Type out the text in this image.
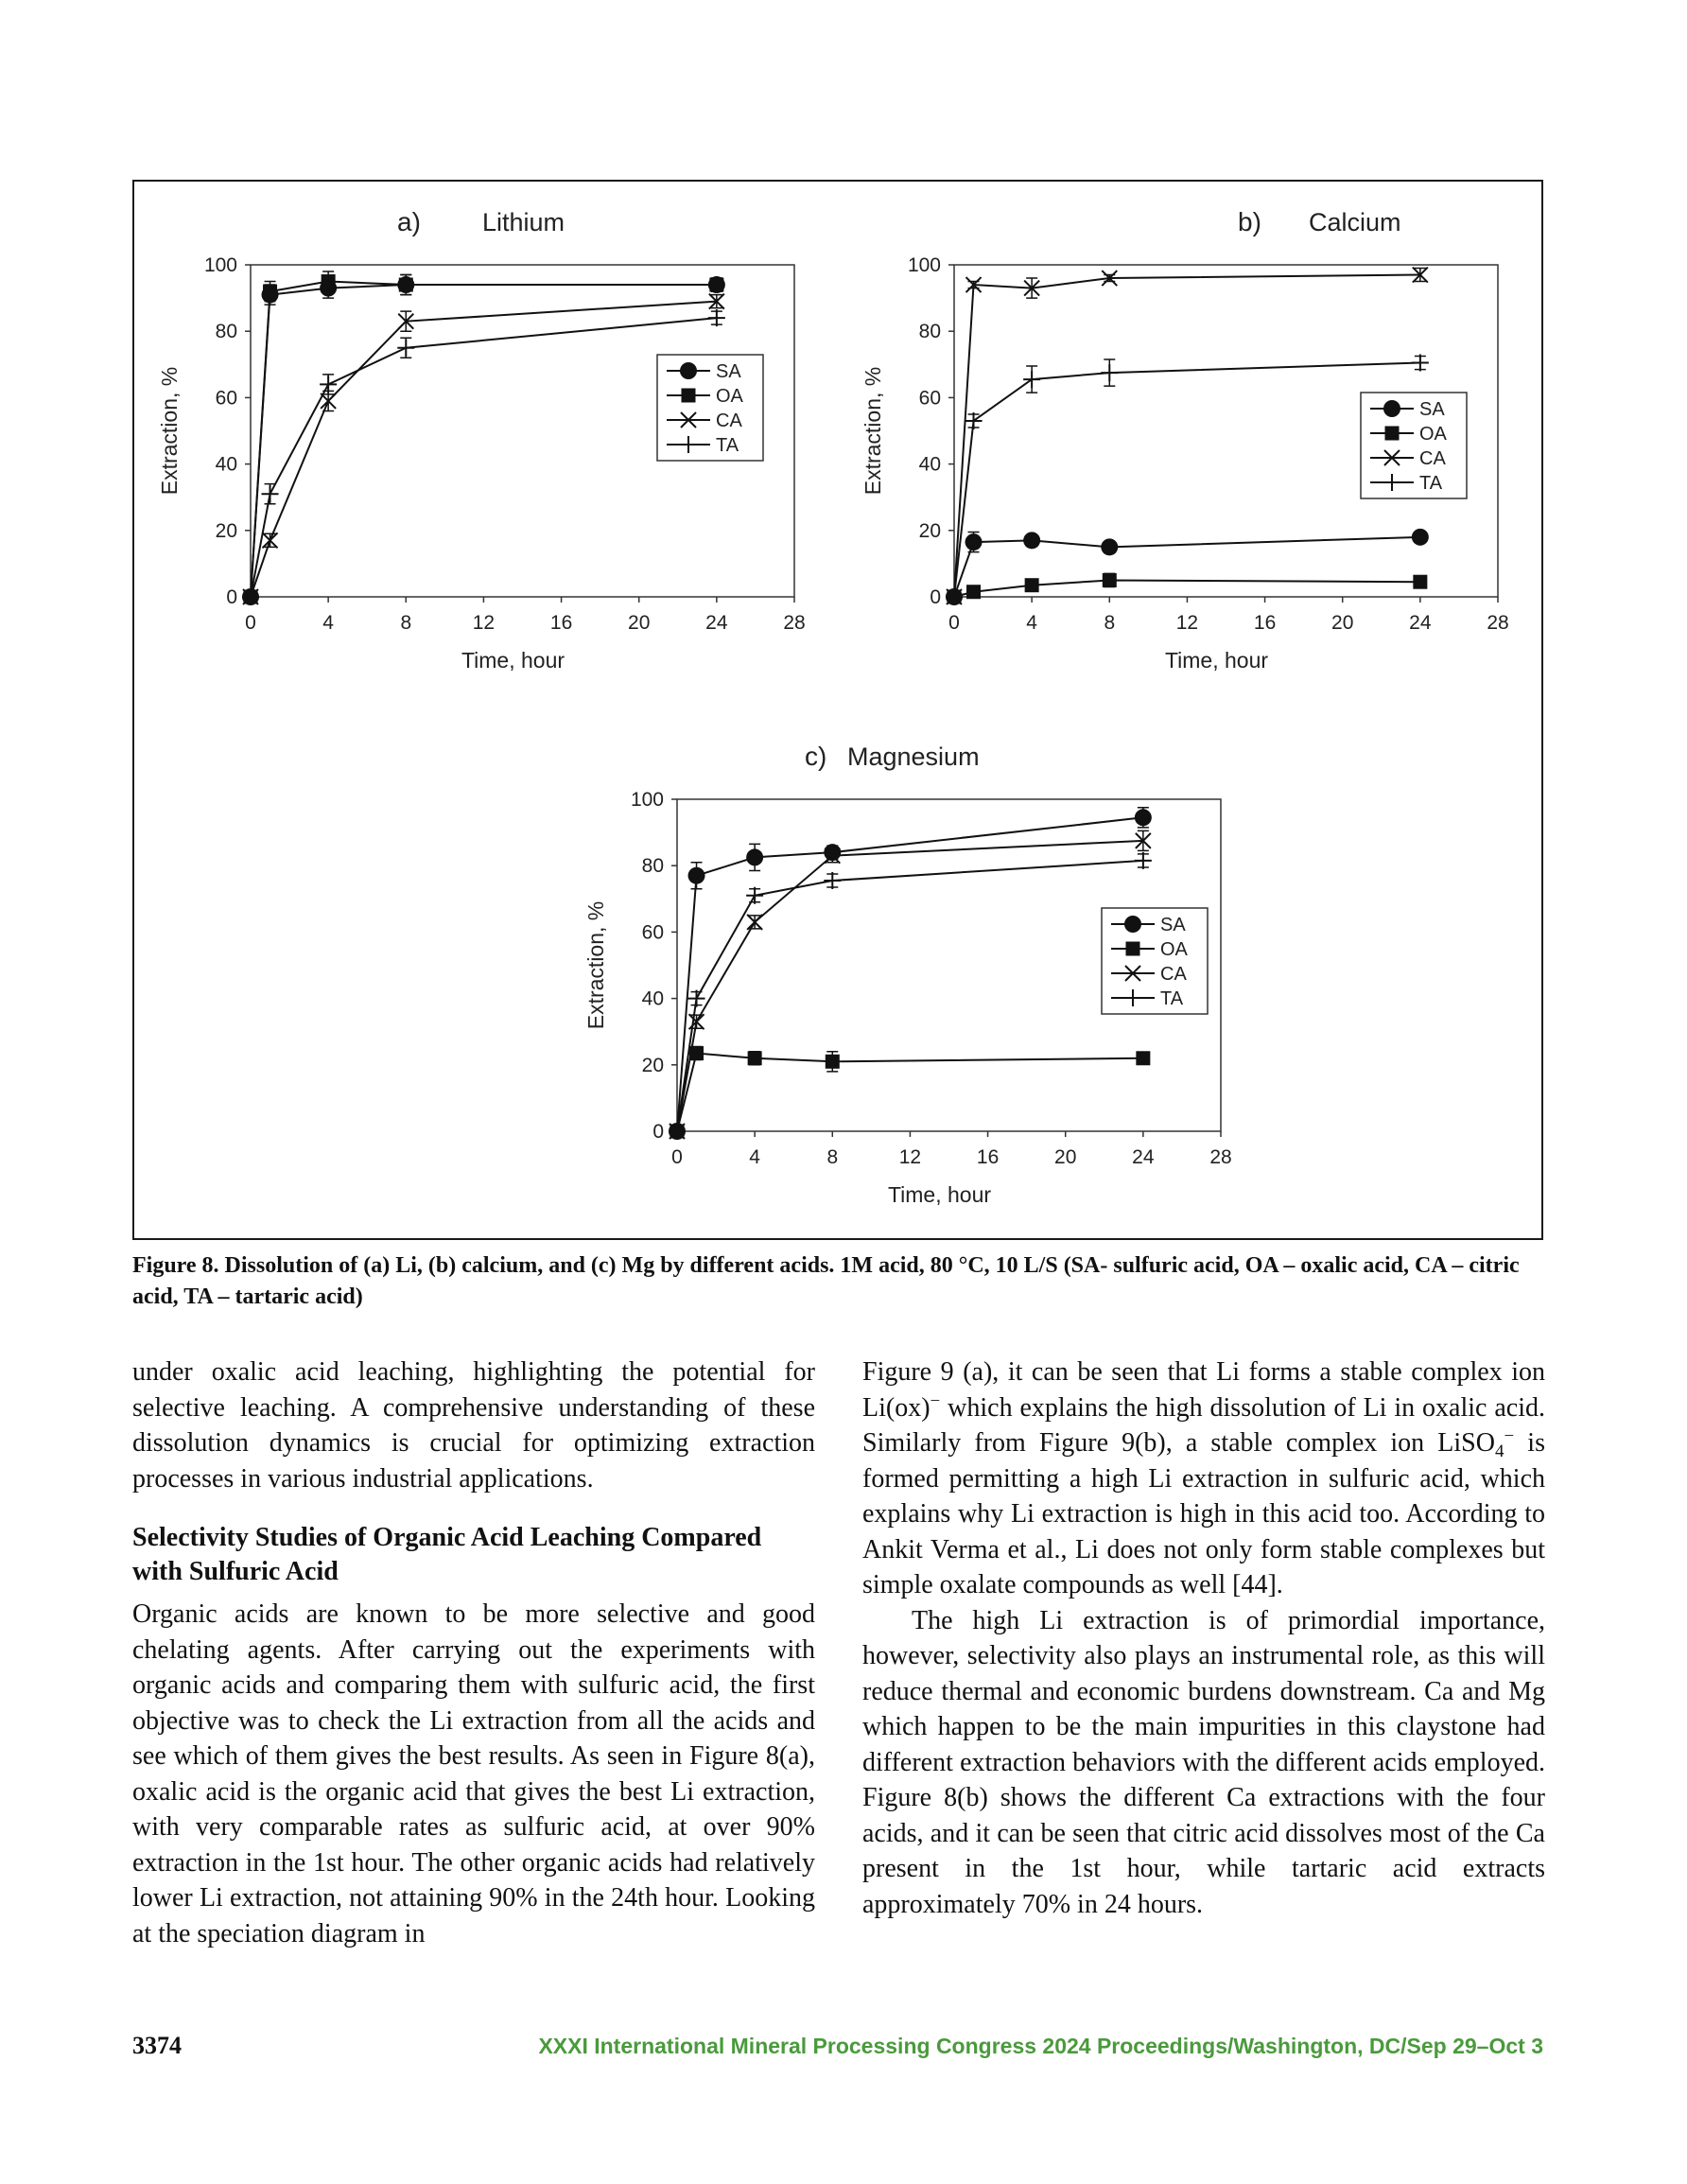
a) Lithium
0
20
40
60
80
100
0	4	8	12	16	20	24	28
Time, hour
Extraction, %	SA
OA
CA
TA
b) Calcium
0
20
40
60
80
100
0	4	8	12	16	20	24	28
Time, hour
Extraction, %	SA
OA
CA
TA
c) Magnesium
0
20
40
60
80
100
0	4	8	12	16	20	24	28
Time, hour
Extraction, %	SA
OA
CA
TA
Figure 8. Dissolution of (a) Li, (b) calcium, and (c) Mg by different acids. 1M acid, 80 °C, 10 L/S (SA- sulfuric acid, OA – oxalic acid, CA – citric acid, TA – tartaric acid)

under oxalic acid leaching, highlighting the potential for selective leaching. A comprehensive understanding of these dissolution dynamics is crucial for optimizing extraction processes in various industrial applications.

Selectivity Studies of Organic Acid Leaching Compared with Sulfuric Acid

Organic acids are known to be more selective and good chelating agents. After carrying out the experiments with organic acids and comparing them with sulfuric acid, the first objective was to check the Li extraction from all the acids and see which of them gives the best results. As seen in Figure 8(a), oxalic acid is the organic acid that gives the best Li extraction, with very comparable rates as sulfuric acid, at over 90% extraction in the 1st hour. The other organic acids had relatively lower Li extraction, not attaining 90% in the 24th hour. Looking at the speciation diagram in

Figure 9 (a), it can be seen that Li forms a stable complex ion Li(ox)− which explains the high dissolution of Li in oxalic acid. Similarly from Figure 9(b), a stable complex ion LiSO$_4$− is formed permitting a high Li extraction in sulfuric acid, which explains why Li extraction is high in this acid too. According to Ankit Verma et al., Li does not only form stable complexes but simple oxalate compounds as well [44].

The high Li extraction is of primordial importance, however, selectivity also plays an instrumental role, as this will reduce thermal and economic burdens downstream. Ca and Mg which happen to be the main impurities in this claystone had different extraction behaviors with the different acids employed. Figure 8(b) shows the different Ca extractions with the four acids, and it can be seen that citric acid dissolves most of the Ca present in the 1st hour, while tartaric acid extracts approximately 70% in 24 hours.

3374	XXXI International Mineral Processing Congress 2024 Proceedings/Washington, DC/Sep 29–Oct 3
